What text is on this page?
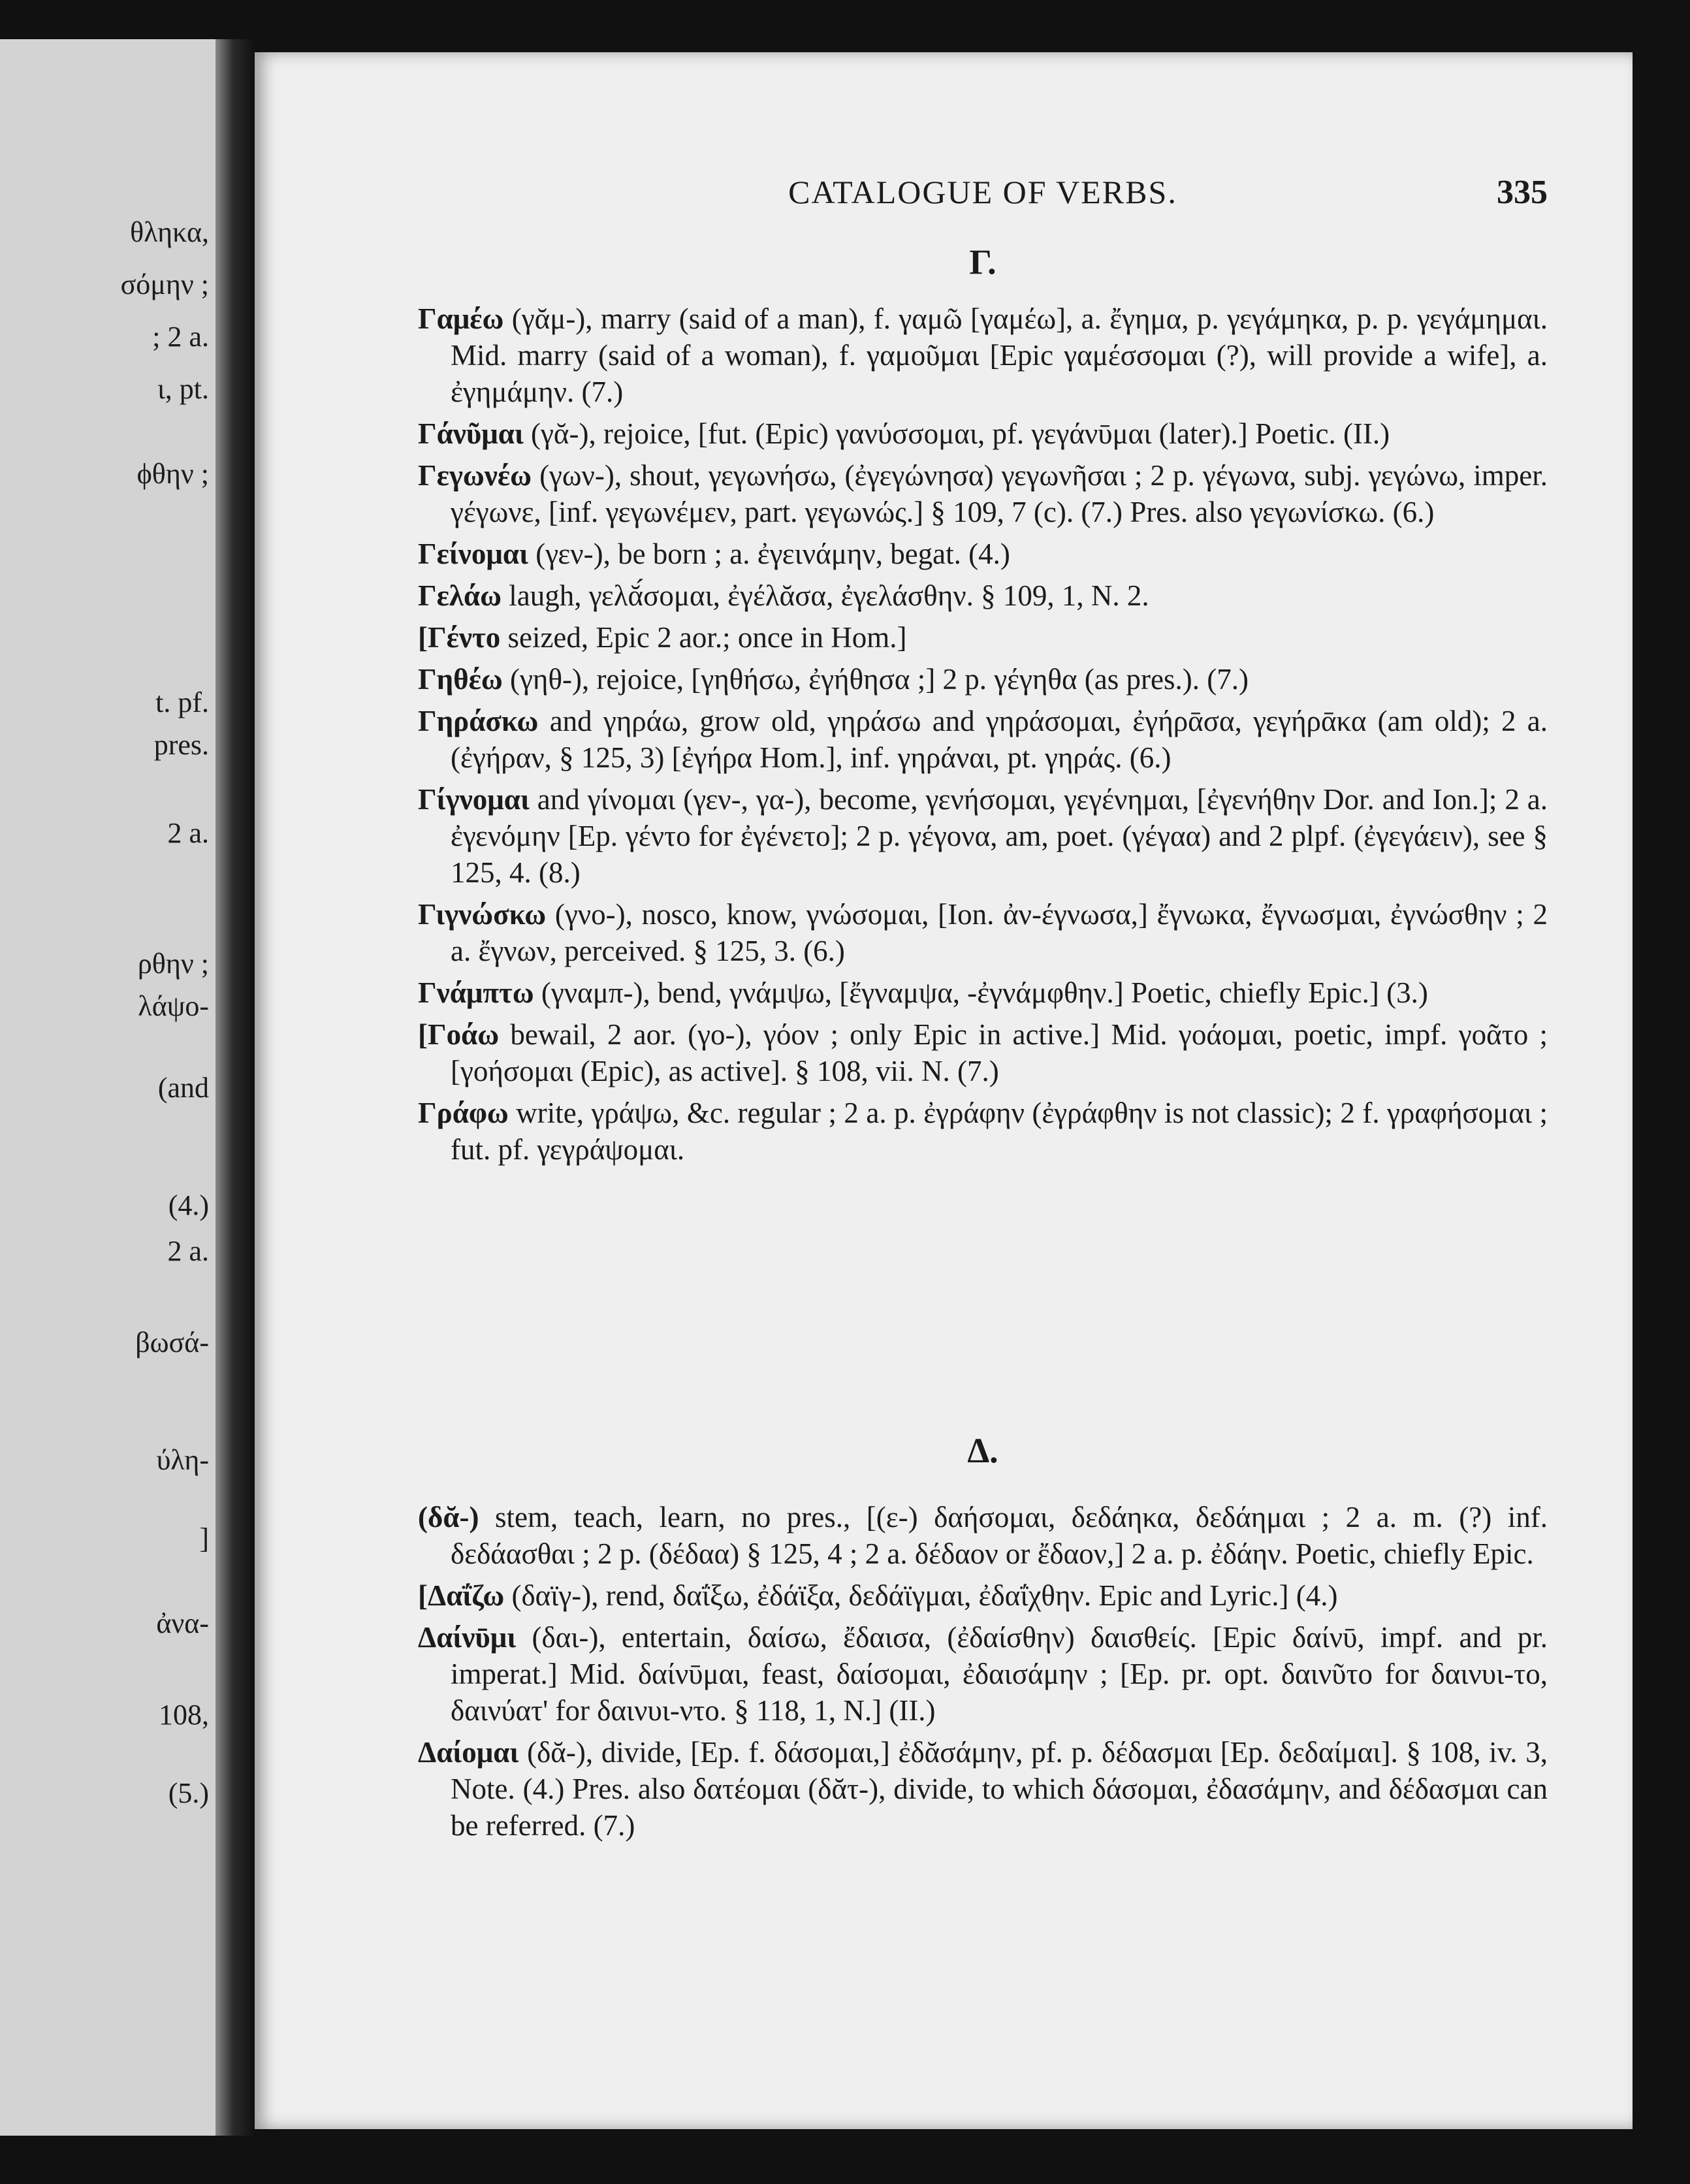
θληκα,
σόμην ;
; 2 a.
ι, pt.
ϕθην ;
t. pf.
pres.
2 a.
ρθην ;
λάψο-
(and
(4.)
2 a.
βωσά-
ύλη-
]
ἀνα-
108,
(5.)
CATALOGUE OF VERBS.	335
Γ.

Γαμέω (γᾰμ-), marry (said of a man), f. γαμῶ [γαμέω], a. ἔγημα, p. γεγάμηκα, p. p. γεγάμημαι. Mid. marry (said of a woman), f. γαμοῦμαι [Epic γαμέσσομαι (?), will provide a wife], a. ἐγημάμην. (7.)

Γάνῦμαι (γᾰ-), rejoice, [fut. (Epic) γανύσσομαι, pf. γεγάνῡμαι (later).] Poetic. (II.)

Γεγωνέω (γων-), shout, γεγωνήσω, (ἐγεγώνησα) γεγωνῆσαι ; 2 p. γέγωνα, subj. γεγώνω, imper. γέγωνε, [inf. γεγωνέμεν, part. γεγωνώς.] § 109, 7 (c). (7.) Pres. also γεγωνίσκω. (6.)

Γείνομαι (γεν-), be born ; a. ἐγεινάμην, begat. (4.)

Γελάω laugh, γελᾰ́σομαι, ἐγέλᾰσα, ἐγελάσθην. § 109, 1, N. 2.

[Γέντο seized, Epic 2 aor.; once in Hom.]

Γηθέω (γηθ-), rejoice, [γηθήσω, ἐγήθησα ;] 2 p. γέγηθα (as pres.). (7.)

Γηράσκω and γηράω, grow old, γηράσω and γηράσομαι, ἐγήρᾱσα, γεγήρᾱκα (am old); 2 a. (ἐγήραν, § 125, 3) [ἐγήρα Hom.], inf. γηράναι, pt. γηράς. (6.)

Γίγνομαι and γίνομαι (γεν-, γα-), become, γενήσομαι, γεγένημαι, [ἐγενήθην Dor. and Ion.]; 2 a. ἐγενόμην [Ep. γέντο for ἐγένετο]; 2 p. γέγονα, am, poet. (γέγαα) and 2 plpf. (ἐγεγάειν), see § 125, 4. (8.)

Γιγνώσκω (γνο-), nosco, know, γνώσομαι, [Ion. ἀν-έγνωσα,] ἔγνωκα, ἔγνωσμαι, ἐγνώσθην ; 2 a. ἔγνων, perceived. § 125, 3. (6.)

Γνάμπτω (γναμπ-), bend, γνάμψω, [ἔγναμψα, -ἐγνάμφθην.] Poetic, chiefly Epic.] (3.)

[Γοάω bewail, 2 aor. (γο-), γόον ; only Epic in active.] Mid. γοάομαι, poetic, impf. γοᾶτο ; [γοήσομαι (Epic), as active]. § 108, vii. N. (7.)

Γράφω write, γράψω, &c. regular ; 2 a. p. ἐγράφην (ἐγράφθην is not classic); 2 f. γραφήσομαι ; fut. pf. γεγράψομαι.

Δ.

(δᾰ-) stem, teach, learn, no pres., [(ε-) δαήσομαι, δεδάηκα, δεδάημαι ; 2 a. m. (?) inf. δεδάασθαι ; 2 p. (δέδαα) § 125, 4 ; 2 a. δέδαον or ἔδαον,] 2 a. p. ἐδάην. Poetic, chiefly Epic.

[Δαΐζω (δαϊγ-), rend, δαΐξω, ἐδάϊξα, δεδάϊγμαι, ἐδαΐχθην. Epic and Lyric.] (4.)

Δαίνῡμι (δαι-), entertain, δαίσω, ἔδαισα, (ἐδαίσθην) δαισθείς. [Epic δαίνῡ, impf. and pr. imperat.] Mid. δαίνῡμαι, feast, δαίσομαι, ἐδαισάμην ; [Ep. pr. opt. δαινῦτο for δαινυι-το, δαινύατ' for δαινυι-ντο. § 118, 1, N.] (II.)

Δαίομαι (δᾰ-), divide, [Ep. f. δάσομαι,] ἐδᾰσάμην, pf. p. δέδασμαι [Ep. δεδαίμαι]. § 108, iv. 3, Note. (4.) Pres. also δατέομαι (δᾰτ-), divide, to which δάσομαι, ἐδασάμην, and δέδασμαι can be referred. (7.)
